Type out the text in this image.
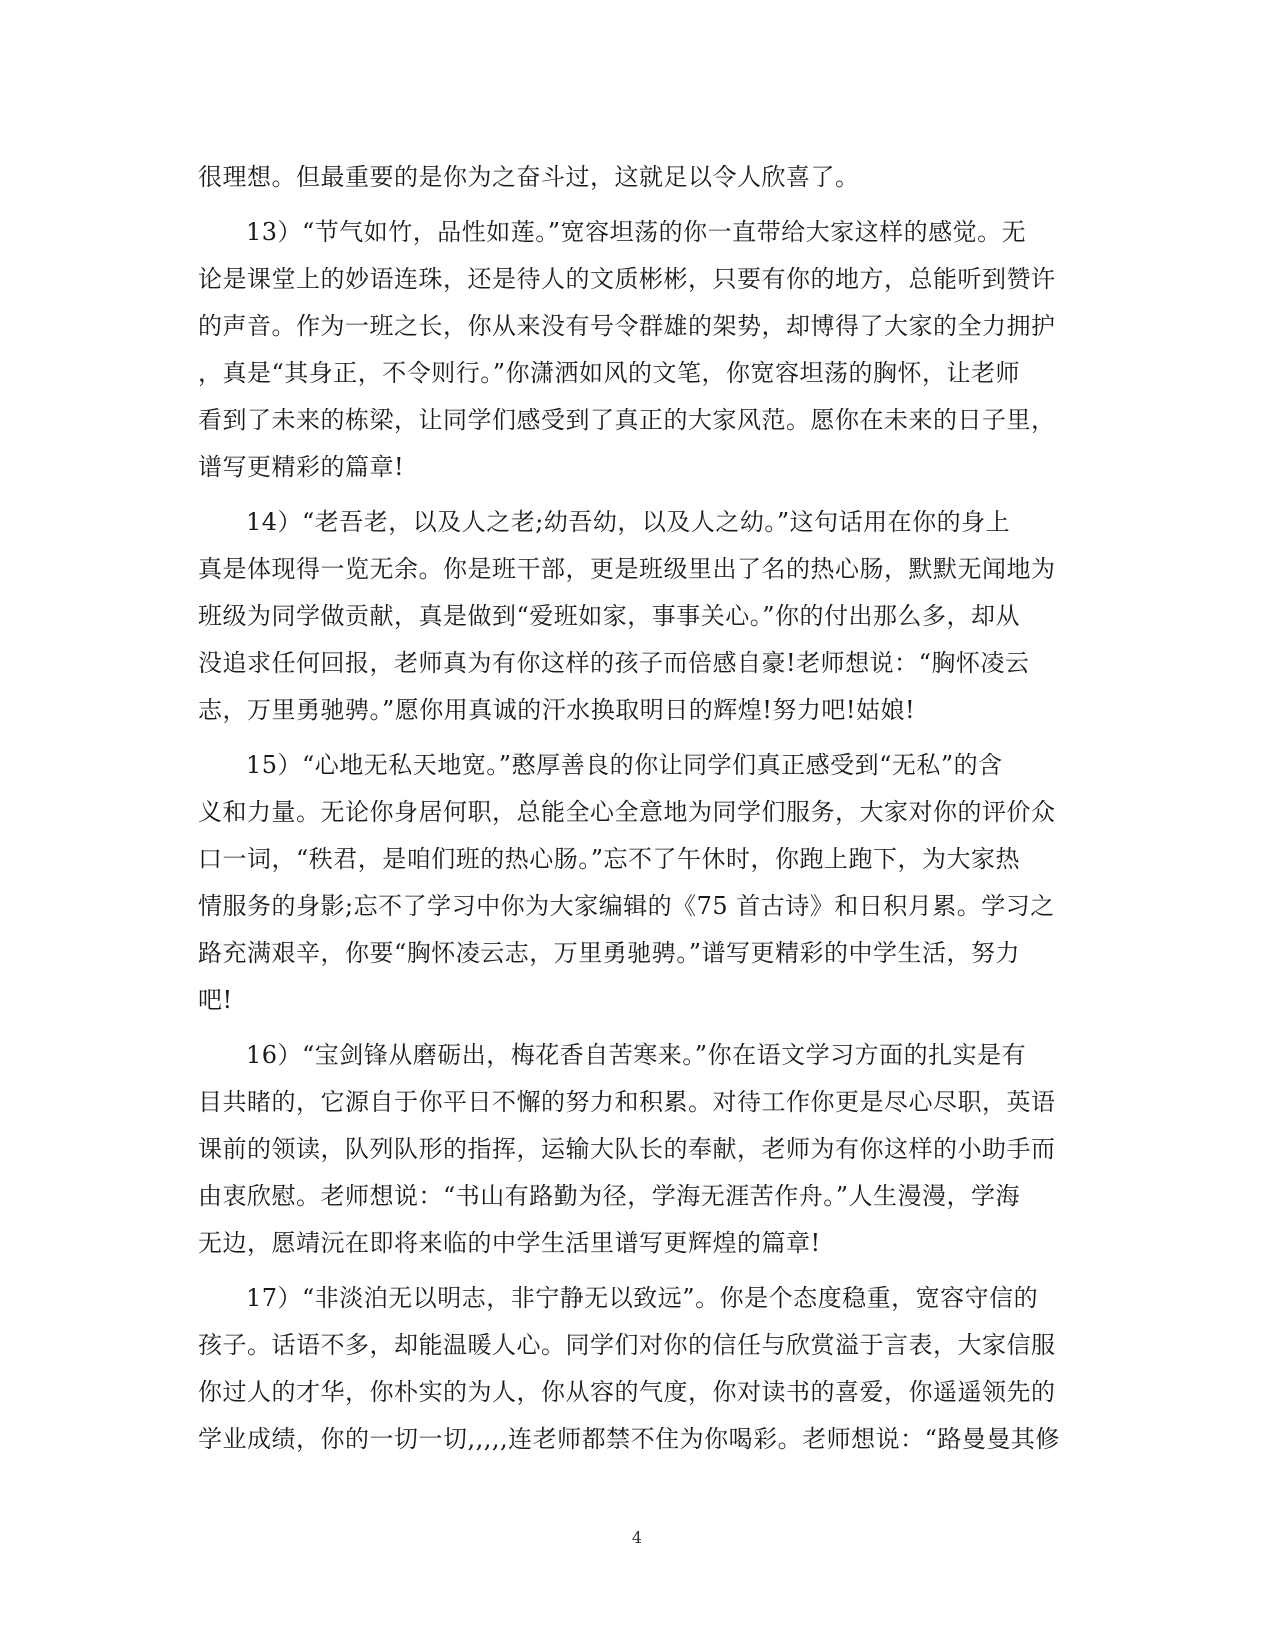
很理想。但最重要的是你为之奋斗过，这就足以令人欣喜了。
13）“节气如竹，品性如莲。”宽容坦荡的你一直带给大家这样的感觉。无
论是课堂上的妙语连珠，还是待人的文质彬彬，只要有你的地方，总能听到赞许
的声音。作为一班之长，你从来没有号令群雄的架势，却博得了大家的全力拥护
，真是“其身正，不令则行。”你潇洒如风的文笔，你宽容坦荡的胸怀，让老师
看到了未来的栋梁，让同学们感受到了真正的大家风范。愿你在未来的日子里，
谱写更精彩的篇章!
14）“老吾老，以及人之老;幼吾幼，以及人之幼。”这句话用在你的身上
真是体现得一览无余。你是班干部，更是班级里出了名的热心肠，默默无闻地为
班级为同学做贡献，真是做到“爱班如家，事事关心。”你的付出那么多，却从
没追求任何回报，老师真为有你这样的孩子而倍感自豪!老师想说：“胸怀凌云
志，万里勇驰骋。”愿你用真诚的汗水换取明日的辉煌!努力吧!姑娘!
15）“心地无私天地宽。”憨厚善良的你让同学们真正感受到“无私”的含
义和力量。无论你身居何职，总能全心全意地为同学们服务，大家对你的评价众
口一词，“秩君，是咱们班的热心肠。”忘不了午休时，你跑上跑下，为大家热
情服务的身影;忘不了学习中你为大家编辑的《75 首古诗》和日积月累。学习之
路充满艰辛，你要“胸怀凌云志，万里勇驰骋。”谱写更精彩的中学生活，努力
吧!
16）“宝剑锋从磨砺出，梅花香自苦寒来。”你在语文学习方面的扎实是有
目共睹的，它源自于你平日不懈的努力和积累。对待工作你更是尽心尽职，英语
课前的领读，队列队形的指挥，运输大队长的奉献，老师为有你这样的小助手而
由衷欣慰。老师想说：“书山有路勤为径，学海无涯苦作舟。”人生漫漫，学海
无边，愿靖沅在即将来临的中学生活里谱写更辉煌的篇章!
17）“非淡泊无以明志，非宁静无以致远”。你是个态度稳重，宽容守信的
孩子。话语不多，却能温暖人心。同学们对你的信任与欣赏溢于言表，大家信服
你过人的才华，你朴实的为人，你从容的气度，你对读书的喜爱，你遥遥领先的
学业成绩，你的一切一切,,,,,连老师都禁不住为你喝彩。老师想说：“路曼曼其修
4
